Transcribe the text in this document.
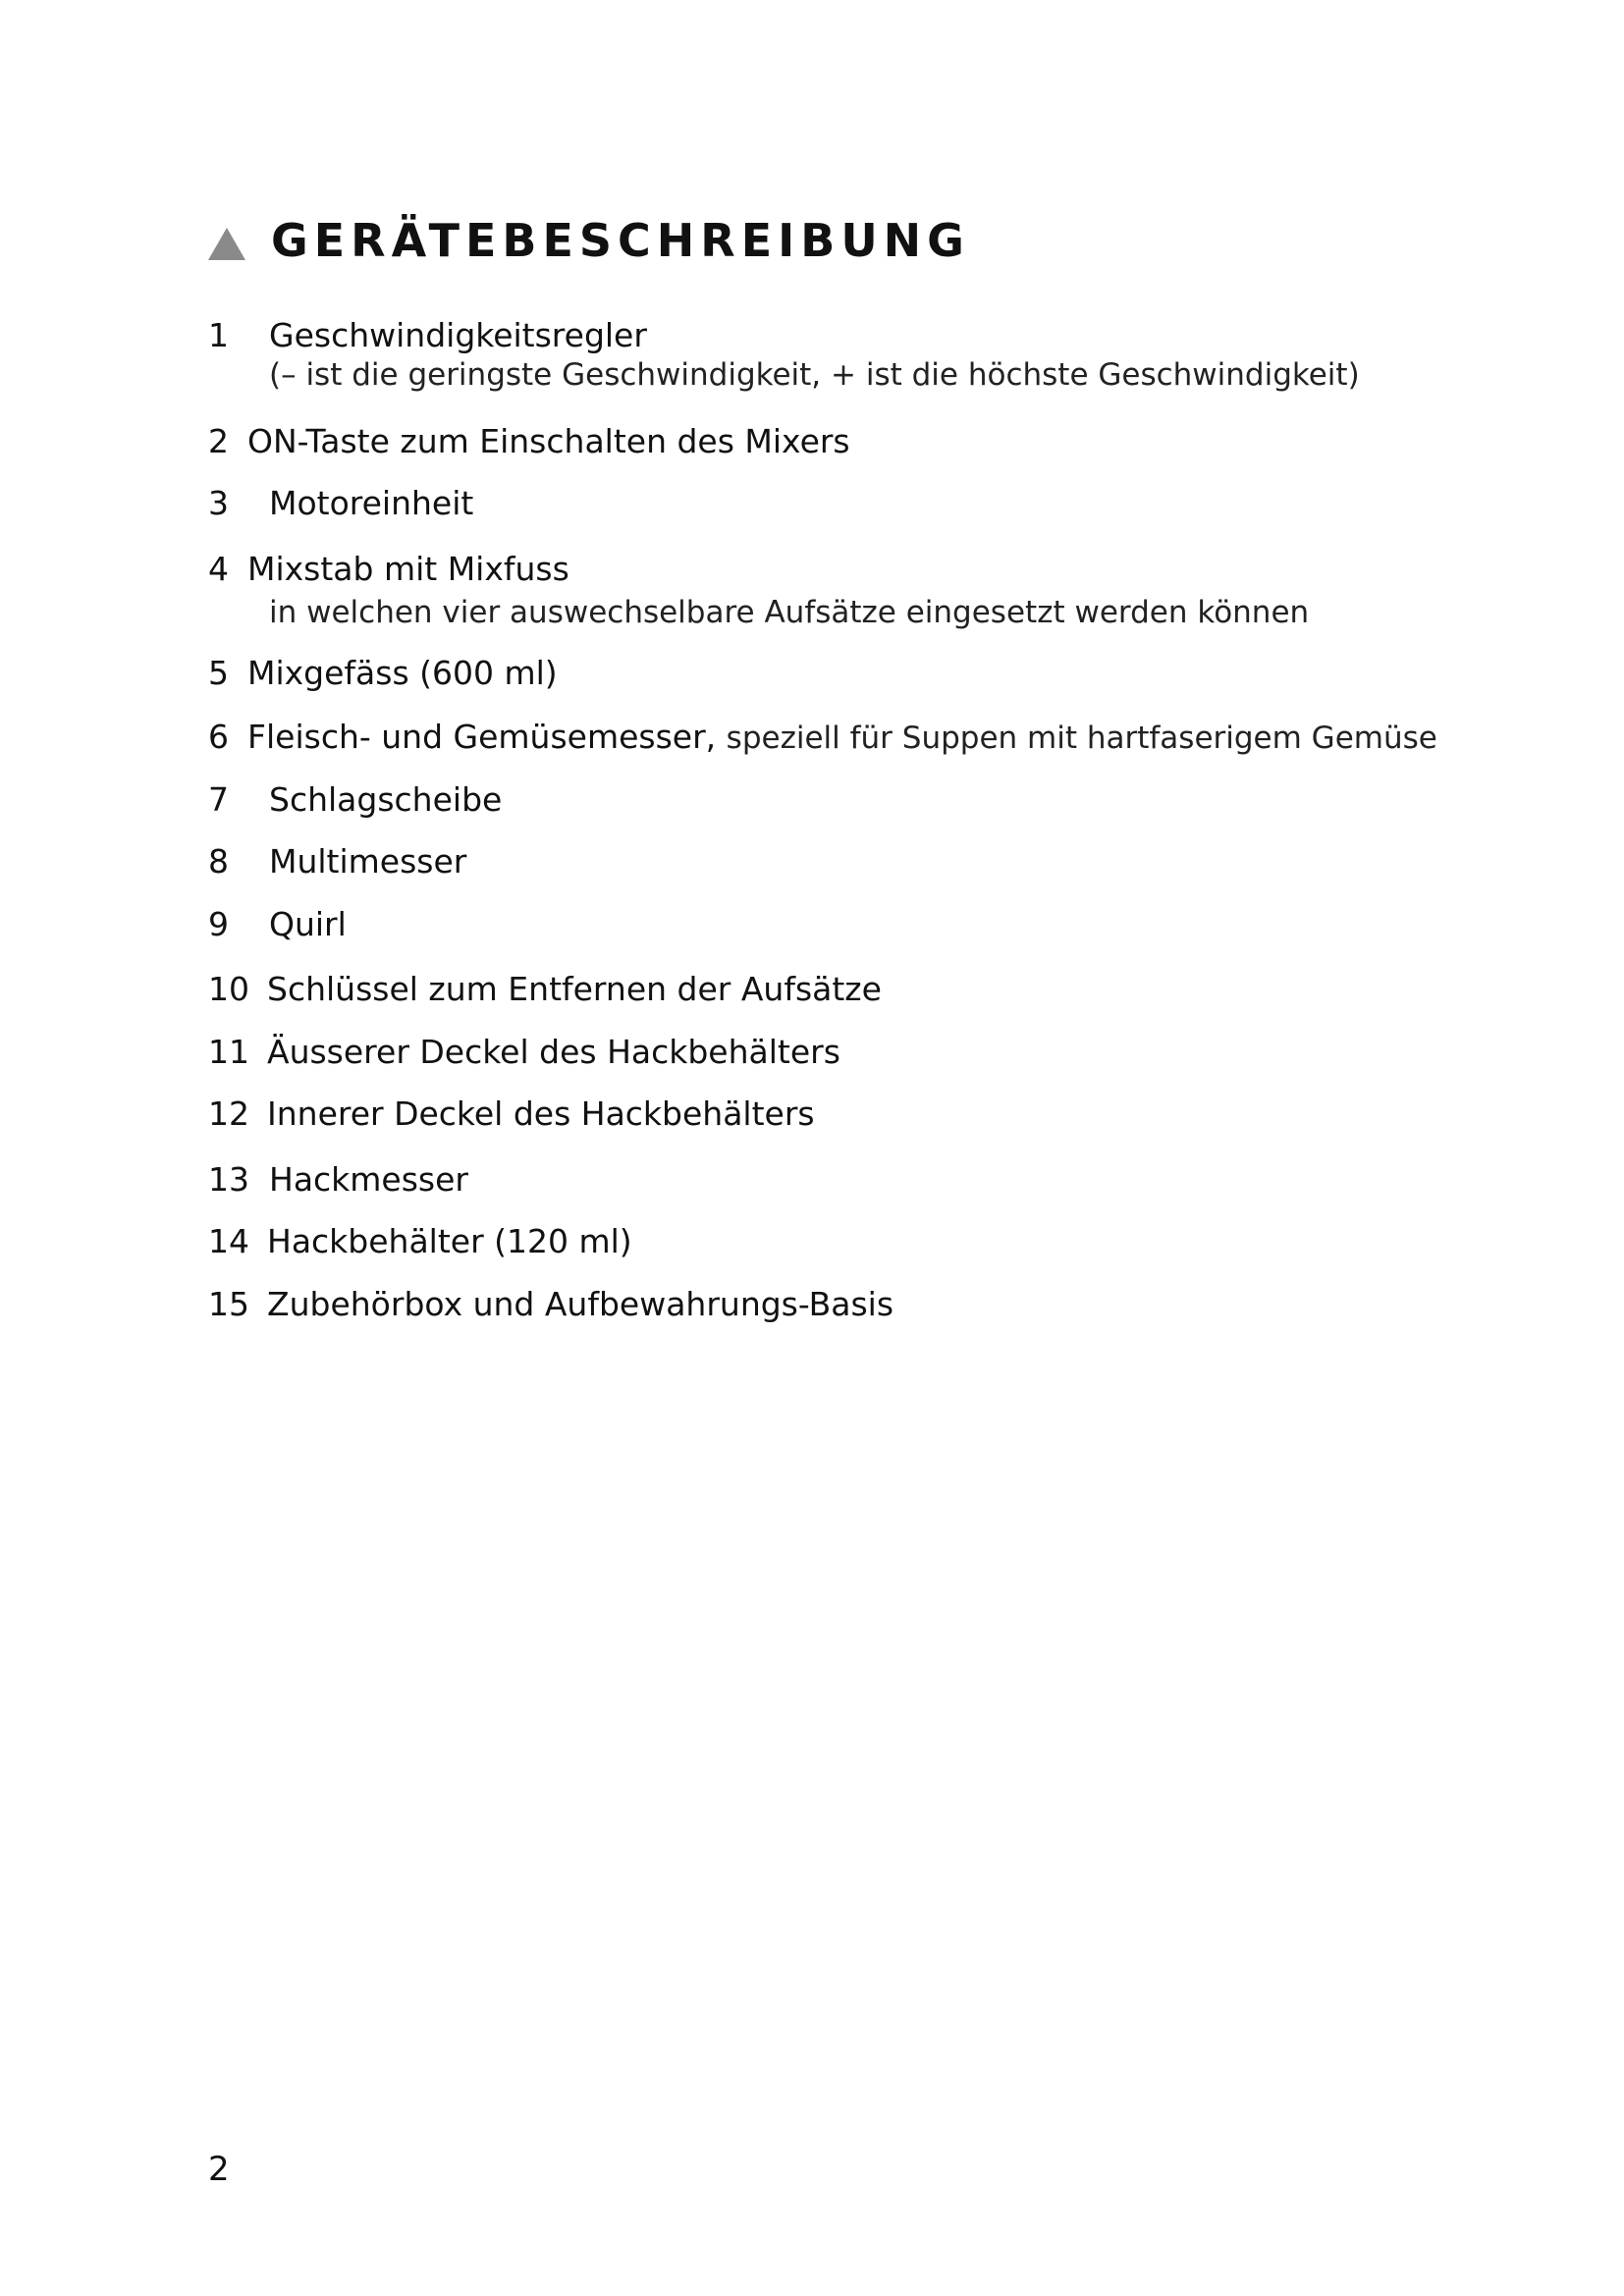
GERÄTEBESCHREIBUNG
1 Geschwindigkeitsregler
(– ist die geringste Geschwindigkeit, + ist die höchste Geschwindigkeit)
2 ON-Taste zum Einschalten des Mixers
3 Motoreinheit
4 Mixstab mit Mixfuss
in welchen vier auswechselbare Aufsätze eingesetzt werden können
5 Mixgefäss (600 ml)
6 Fleisch- und Gemüsemesser, speziell für Suppen mit hartfaserigem Gemüse
7 Schlagscheibe
8 Multimesser
9 Quirl
10 Schlüssel zum Entfernen der Aufsätze
11 Äusserer Deckel des Hackbehälters
12 Innerer Deckel des Hackbehälters
13 Hackmesser
14 Hackbehälter (120 ml)
15 Zubehörbox und Aufbewahrungs-Basis
2
